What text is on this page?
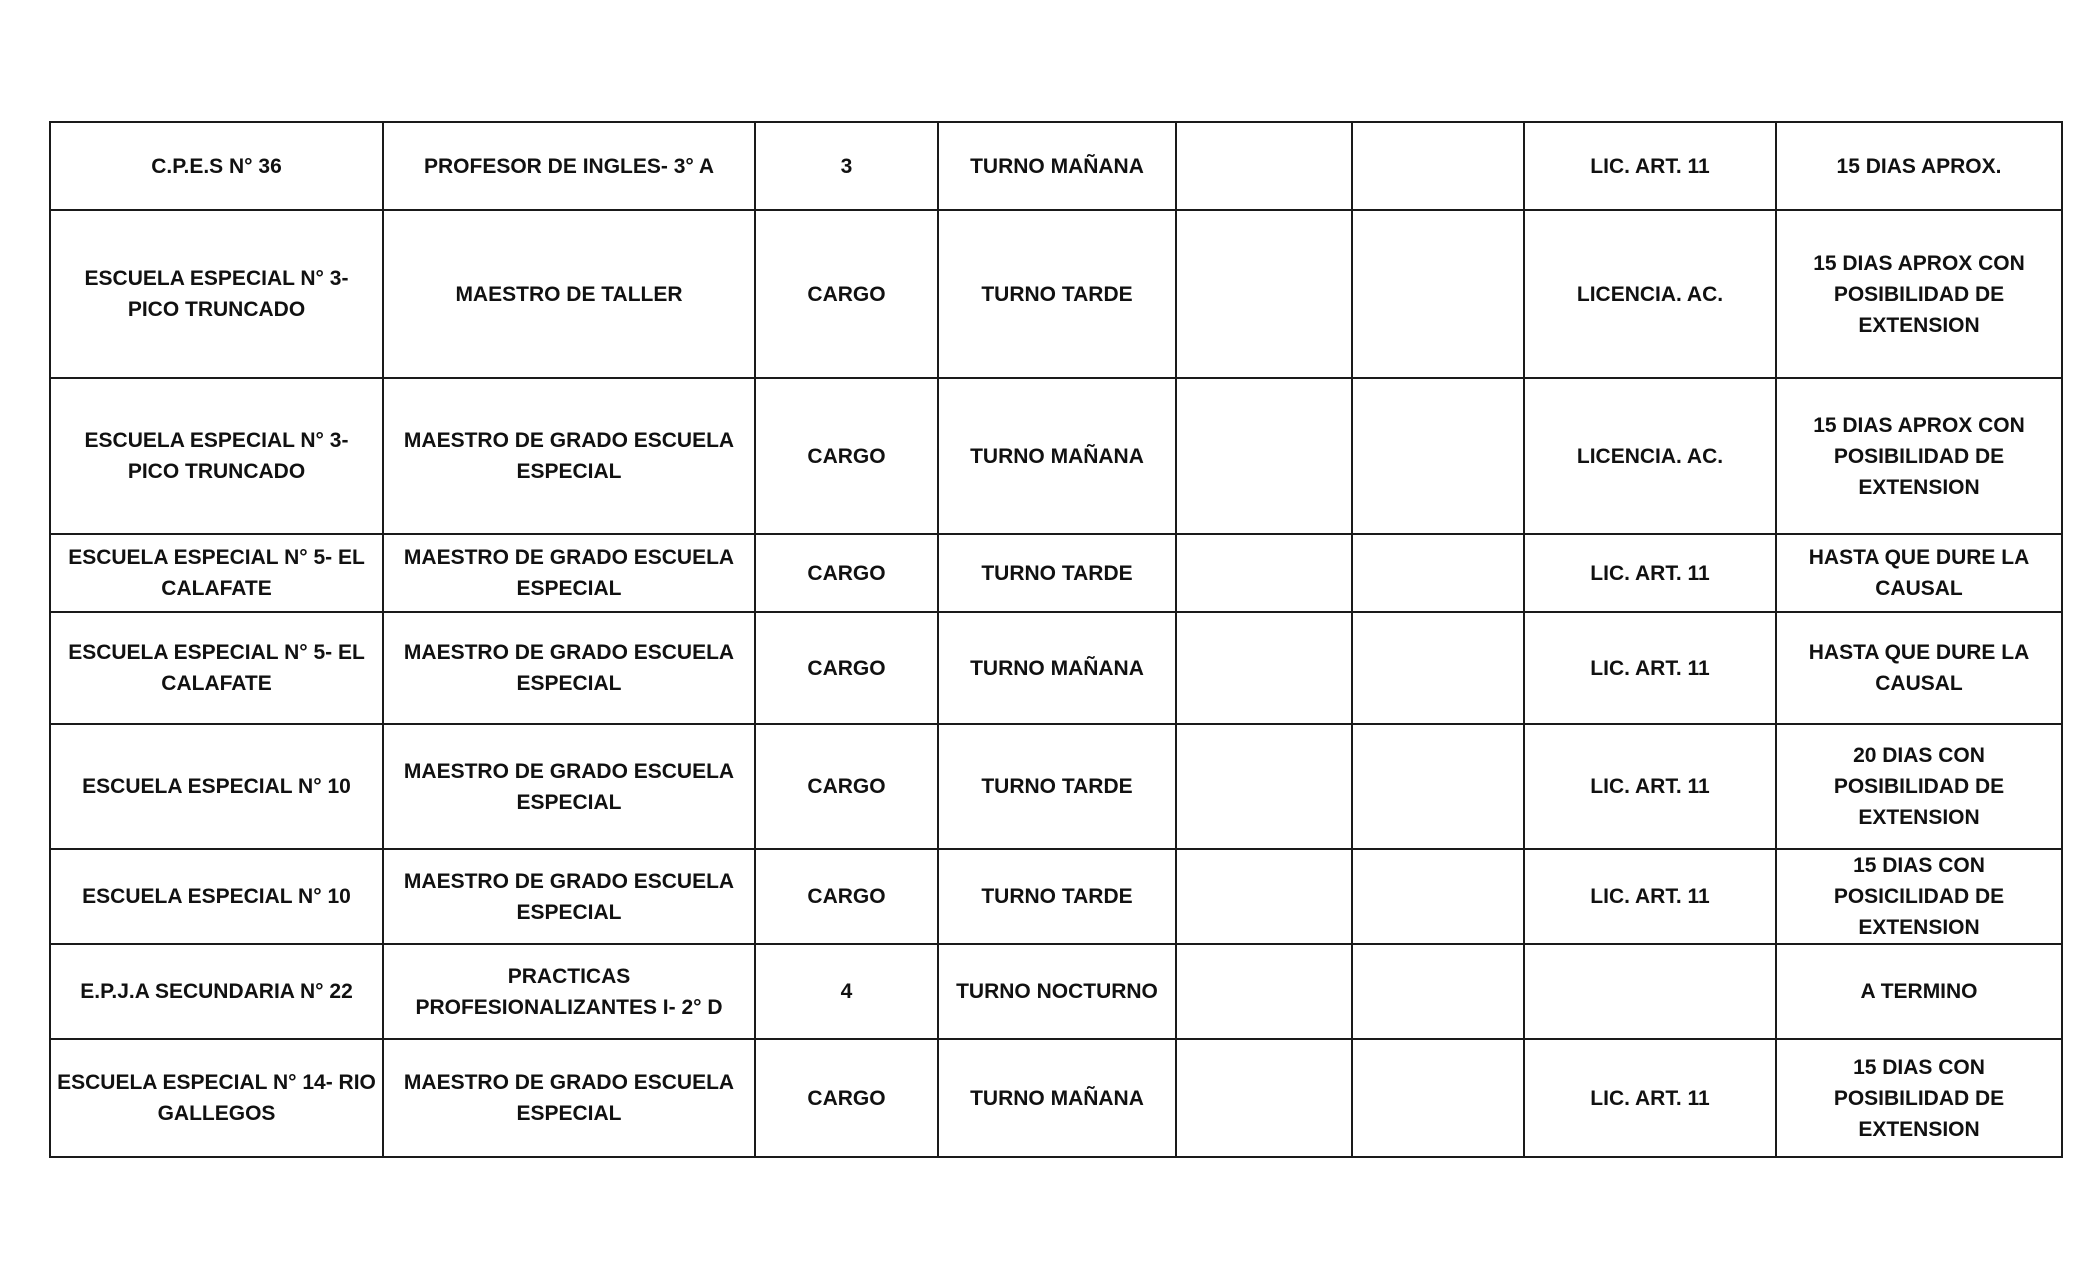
C.P.E.S N° 36	PROFESOR DE INGLES- 3° A	3	TURNO MAÑANA			LIC. ART. 11	15 DIAS APROX.
ESCUELA ESPECIAL N° 3- PICO TRUNCADO	MAESTRO DE TALLER	CARGO	TURNO TARDE			LICENCIA. AC.	15 DIAS APROX CON POSIBILIDAD DE EXTENSION
ESCUELA ESPECIAL N° 3- PICO TRUNCADO	MAESTRO DE GRADO ESCUELA ESPECIAL	CARGO	TURNO MAÑANA			LICENCIA. AC.	15 DIAS APROX CON POSIBILIDAD DE EXTENSION
ESCUELA ESPECIAL N° 5- EL CALAFATE	MAESTRO DE GRADO ESCUELA ESPECIAL	CARGO	TURNO TARDE			LIC. ART. 11	HASTA QUE DURE LA CAUSAL
ESCUELA ESPECIAL N° 5- EL CALAFATE	MAESTRO DE GRADO ESCUELA ESPECIAL	CARGO	TURNO MAÑANA			LIC. ART. 11	HASTA QUE DURE LA CAUSAL
ESCUELA ESPECIAL N° 10	MAESTRO DE GRADO ESCUELA ESPECIAL	CARGO	TURNO TARDE			LIC. ART. 11	20 DIAS CON POSIBILIDAD DE EXTENSION
ESCUELA ESPECIAL N° 10	MAESTRO DE GRADO ESCUELA ESPECIAL	CARGO	TURNO TARDE			LIC. ART. 11	15 DIAS CON POSICILIDAD DE EXTENSION
E.P.J.A SECUNDARIA N° 22	PRACTICAS PROFESIONALIZANTES I- 2° D	4	TURNO NOCTURNO				A TERMINO
ESCUELA ESPECIAL N° 14- RIO GALLEGOS	MAESTRO DE GRADO ESCUELA ESPECIAL	CARGO	TURNO MAÑANA			LIC. ART. 11	15 DIAS CON POSIBILIDAD DE EXTENSION
